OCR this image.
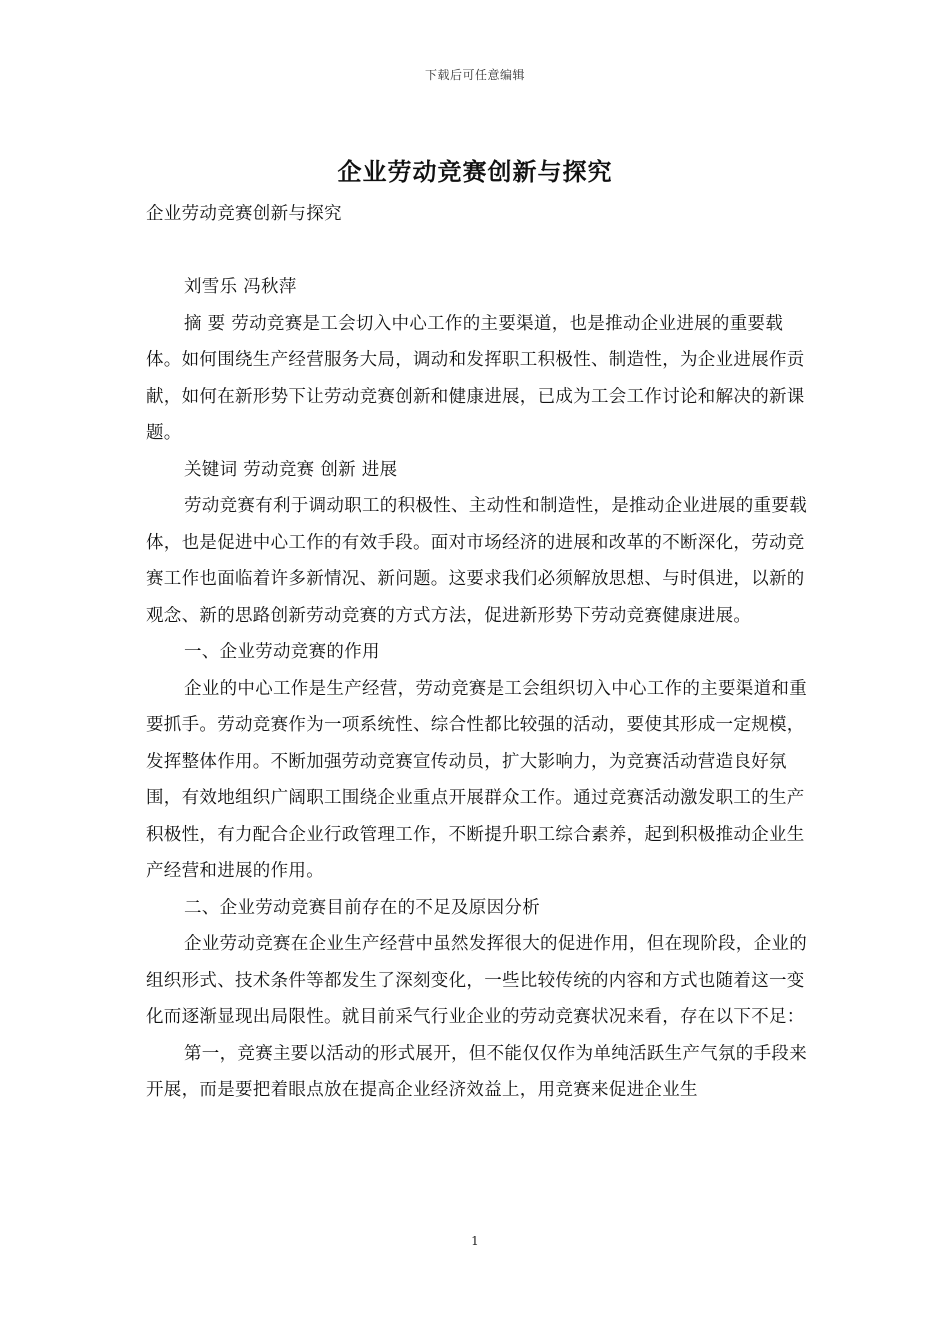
下载后可任意编辑
企业劳动竞赛创新与探究

企业劳动竞赛创新与探究

刘雪乐 冯秋萍

摘 要 劳动竞赛是工会切入中心工作的主要渠道，也是推动企业进展的重要载体。如何围绕生产经营服务大局，调动和发挥职工积极性、制造性，为企业进展作贡献，如何在新形势下让劳动竞赛创新和健康进展，已成为工会工作讨论和解决的新课题。

关键词 劳动竞赛 创新 进展

劳动竞赛有利于调动职工的积极性、主动性和制造性，是推动企业进展的重要载体，也是促进中心工作的有效手段。面对市场经济的进展和改革的不断深化，劳动竞赛工作也面临着许多新情况、新问题。这要求我们必须解放思想、与时俱进，以新的观念、新的思路创新劳动竞赛的方式方法，促进新形势下劳动竞赛健康进展。

一、企业劳动竞赛的作用

企业的中心工作是生产经营，劳动竞赛是工会组织切入中心工作的主要渠道和重要抓手。劳动竞赛作为一项系统性、综合性都比较强的活动，要使其形成一定规模，发挥整体作用。不断加强劳动竞赛宣传动员，扩大影响力，为竞赛活动营造良好氛围，有效地组织广阔职工围绕企业重点开展群众工作。通过竞赛活动激发职工的生产积极性，有力配合企业行政管理工作，不断提升职工综合素养，起到积极推动企业生产经营和进展的作用。

二、企业劳动竞赛目前存在的不足及原因分析

企业劳动竞赛在企业生产经营中虽然发挥很大的促进作用，但在现阶段，企业的组织形式、技术条件等都发生了深刻变化，一些比较传统的内容和方式也随着这一变化而逐渐显现出局限性。就目前采气行业企业的劳动竞赛状况来看，存在以下不足：

第一，竞赛主要以活动的形式展开，但不能仅仅作为单纯活跃生产气氛的手段来开展，而是要把着眼点放在提高企业经济效益上，用竞赛来促进企业生

1
